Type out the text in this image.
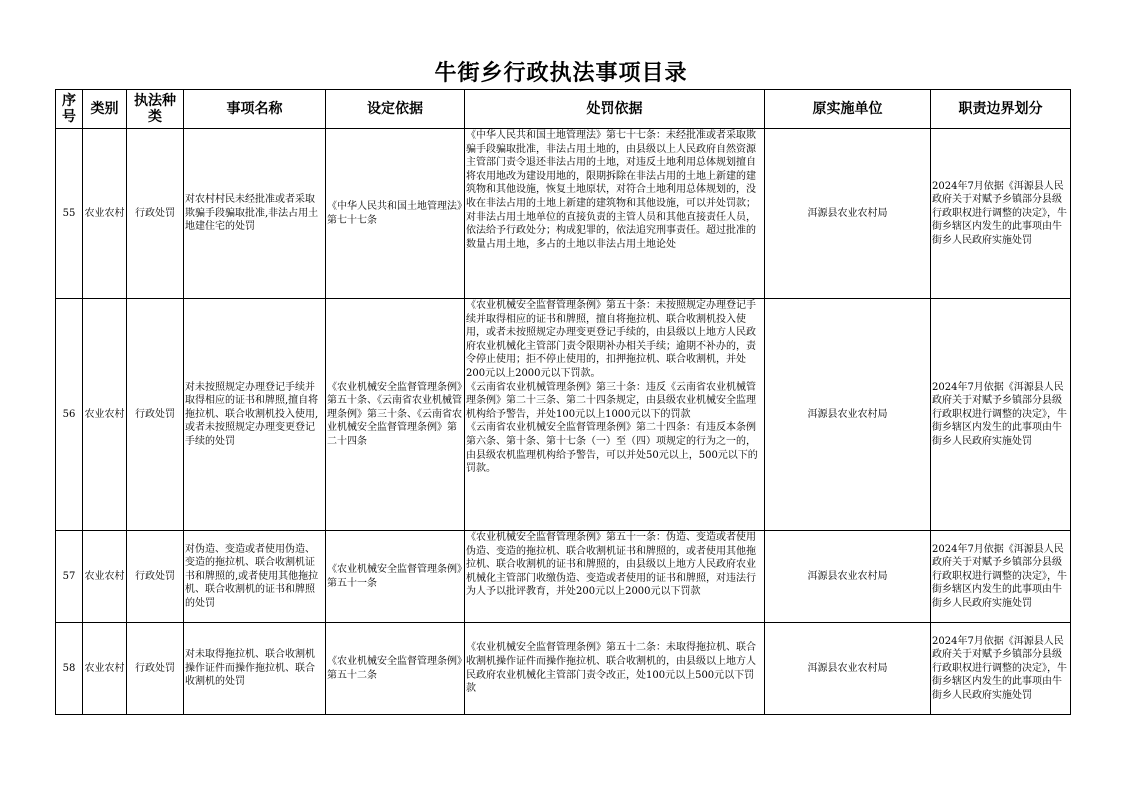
牛街乡行政执法事项目录
序号	类别	执法种类	事项名称	设定依据	处罚依据	原实施单位	职责边界划分
55	农业农村	行政处罚	对农村村民未经批准或者采取欺骗手段骗取批准,非法占用土地建住宅的处罚	《中华人民共和国土地管理法》第七十七条	《中华人民共和国土地管理法》第七十七条：未经批准或者采取欺骗手段骗取批准，非法占用土地的，由县级以上人民政府自然资源主管部门责令退还非法占用的土地，对违反土地利用总体规划擅自将农用地改为建设用地的，限期拆除在非法占用的土地上新建的建筑物和其他设施，恢复土地原状，对符合土地利用总体规划的，没收在非法占用的土地上新建的建筑物和其他设施，可以并处罚款；对非法占用土地单位的直接负责的主管人员和其他直接责任人员，依法给予行政处分；构成犯罪的，依法追究刑事责任。超过批准的数量占用土地，多占的土地以非法占用土地论处	洱源县农业农村局	2024年7月依据《洱源县人民政府关于对赋予乡镇部分县级行政职权进行调整的决定》，牛街乡辖区内发生的此事项由牛街乡人民政府实施处罚
56	农业农村	行政处罚	对未按照规定办理登记手续并取得相应的证书和牌照,擅自将拖拉机、联合收割机投入使用,或者未按照规定办理变更登记手续的处罚	《农业机械安全监督管理条例》第五十条、《云南省农业机械管理条例》第三十条、《云南省农业机械安全监督管理条例》第二十四条	《农业机械安全监督管理条例》第五十条：未按照规定办理登记手续并取得相应的证书和牌照，擅自将拖拉机、联合收割机投入使用，或者未按照规定办理变更登记手续的，由县级以上地方人民政府农业机械化主管部门责令限期补办相关手续；逾期不补办的，责令停止使用；拒不停止使用的，扣押拖拉机、联合收割机，并处200元以上2000元以下罚款。
《云南省农业机械管理条例》第三十条：违反《云南省农业机械管理条例》第二十三条、第二十四条规定，由县级农业机械安全监理机构给予警告，并处100元以上1000元以下的罚款
《云南省农业机械安全监督管理条例》第二十四条：有违反本条例第六条、第十条、第十七条（一）至（四）项规定的行为之一的，由县级农机监理机构给予警告，可以并处50元以上，500元以下的罚款。	洱源县农业农村局	2024年7月依据《洱源县人民政府关于对赋予乡镇部分县级行政职权进行调整的决定》，牛街乡辖区内发生的此事项由牛街乡人民政府实施处罚
57	农业农村	行政处罚	对伪造、变造或者使用伪造、变造的拖拉机、联合收割机证书和牌照的,或者使用其他拖拉机、联合收割机的证书和牌照的处罚	《农业机械安全监督管理条例》第五十一条	《农业机械安全监督管理条例》第五十一条：伪造、变造或者使用伪造、变造的拖拉机、联合收割机证书和牌照的，或者使用其他拖拉机、联合收割机的证书和牌照的，由县级以上地方人民政府农业机械化主管部门收缴伪造、变造或者使用的证书和牌照，对违法行为人予以批评教育，并处200元以上2000元以下罚款	洱源县农业农村局	2024年7月依据《洱源县人民政府关于对赋予乡镇部分县级行政职权进行调整的决定》，牛街乡辖区内发生的此事项由牛街乡人民政府实施处罚
58	农业农村	行政处罚	对未取得拖拉机、联合收割机操作证件而操作拖拉机、联合收割机的处罚	《农业机械安全监督管理条例》第五十二条	《农业机械安全监督管理条例》第五十二条：未取得拖拉机、联合收割机操作证件而操作拖拉机、联合收割机的，由县级以上地方人民政府农业机械化主管部门责令改正，处100元以上500元以下罚款	洱源县农业农村局	2024年7月依据《洱源县人民政府关于对赋予乡镇部分县级行政职权进行调整的决定》，牛街乡辖区内发生的此事项由牛街乡人民政府实施处罚
